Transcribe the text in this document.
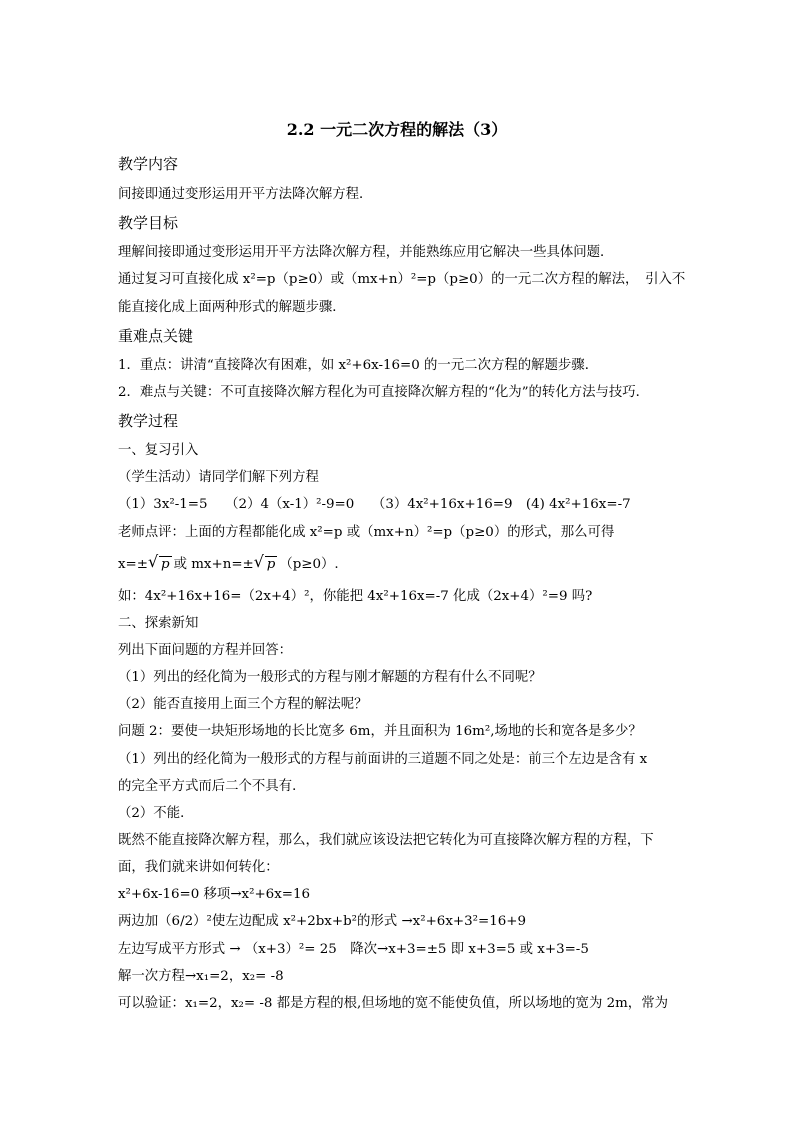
2.2 一元二次方程的解法（3）
教学内容
间接即通过变形运用开平方法降次解方程．
教学目标
理解间接即通过变形运用开平方法降次解方程，并能熟练应用它解决一些具体问题．
通过复习可直接化成 x²=p（p≥0）或（mx+n）²=p（p≥0）的一元二次方程的解法，　引入不
能直接化成上面两种形式的解题步骤．
重难点关键
1．重点：讲清“直接降次有困难，如 x²+6x-16=0 的一元二次方程的解题步骤．
2．难点与关键：不可直接降次解方程化为可直接降次解方程的“化为”的转化方法与技巧．
教学过程
一、复习引入
（学生活动）请同学们解下列方程
（1）3x²-1=5　 （2）4（x-1）²-9=0　 （3）4x²+16x+16=9　(4) 4x²+16x=-7
老师点评：上面的方程都能化成 x²=p 或（mx+n）²=p（p≥0）的形式，那么可得
x=± √ p 或 mx+n=± √ p （p≥0）.
如：4x²+16x+16=（2x+4）²，你能把 4x²+16x=-7 化成（2x+4）²=9 吗?
二、探索新知
列出下面问题的方程并回答：
（1）列出的经化简为一般形式的方程与刚才解题的方程有什么不同呢？
（2）能否直接用上面三个方程的解法呢？
问题 2：要使一块矩形场地的长比宽多 6m，并且面积为 16m²,场地的长和宽各是多少？
（1）列出的经化简为一般形式的方程与前面讲的三道题不同之处是：前三个左边是含有 x
的完全平方式而后二个不具有．
（2）不能．
既然不能直接降次解方程，那么，我们就应该设法把它转化为可直接降次解方程的方程，下
面，我们就来讲如何转化：
x²+6x-16=0 移项→x²+6x=16
两边加（6/2）²使左边配成 x²+2bx+b²的形式 →x²+6x+3²=16+9
左边写成平方形式 → （x+3）²= 25　降次→x+3=±5 即 x+3=5 或 x+3=-5
解一次方程→x₁=2，x₂= -8
可以验证：x₁=2，x₂= -8 都是方程的根,但场地的宽不能使负值，所以场地的宽为 2m，常为
